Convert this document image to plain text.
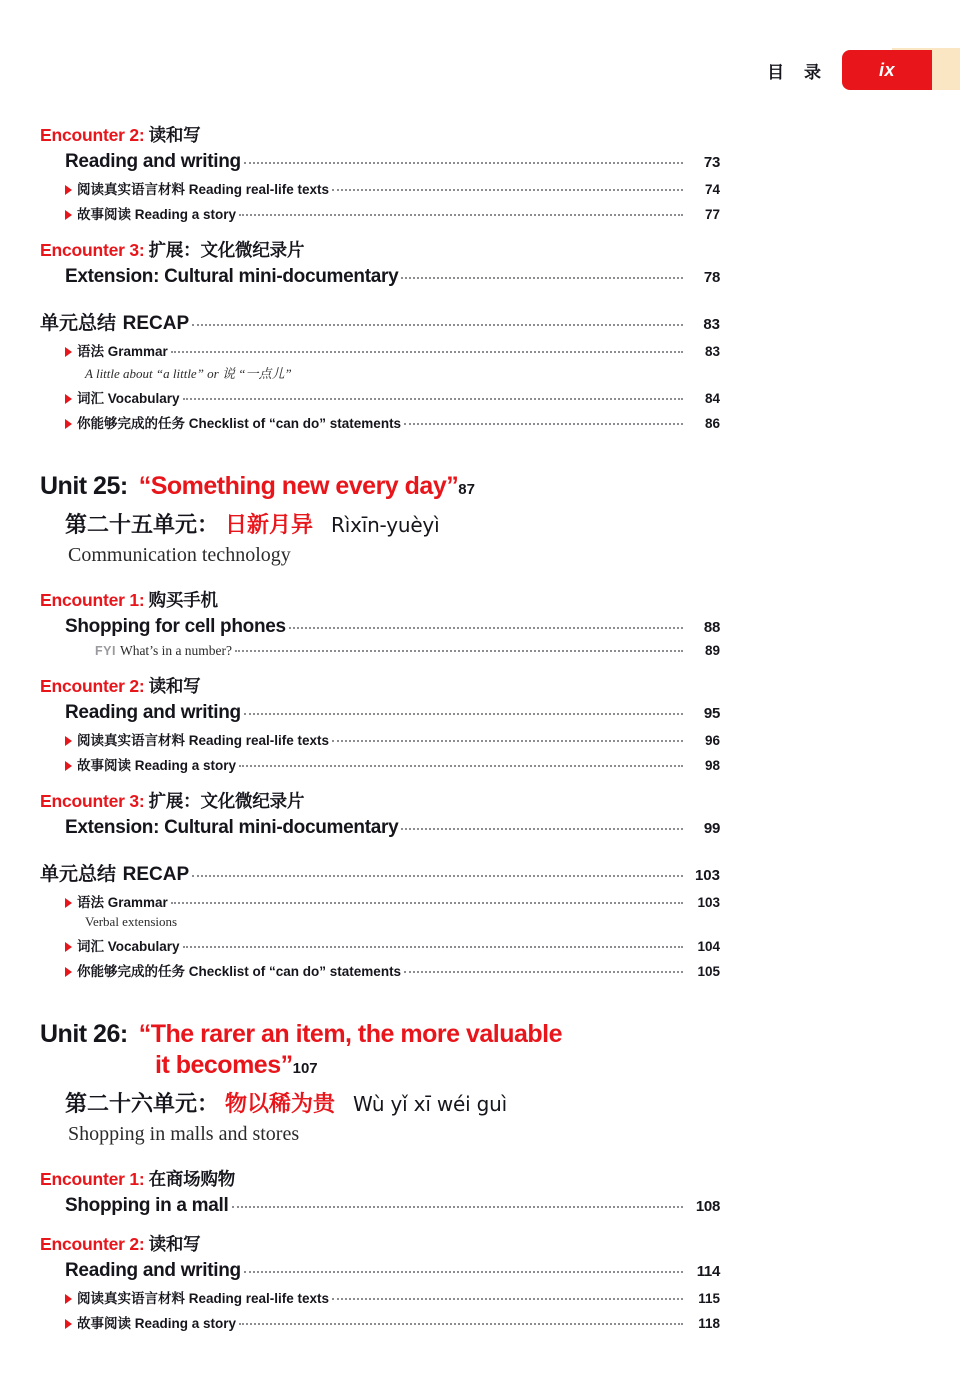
目 录	ix
Encounter 2: 读和写
Reading and writing	73
阅读真实语言材料 Reading real-life texts	74
故事阅读 Reading a story	77
Encounter 3: 扩展：文化微纪录片
Extension: Cultural mini-documentary	78
单元总结 RECAP	83
语法 Grammar	83
A little about “a little” or 说 “一点儿”
词汇 Vocabulary	84
你能够完成的任务 Checklist of “can do” statements	86
Unit 25: “Something new every day” 87
第二十五单元： 日新月异 Rìxīn-yuèyì
Communication technology
Encounter 1: 购买手机
Shopping for cell phones	88
FYI What’s in a number?	89
Encounter 2: 读和写
Reading and writing	95
阅读真实语言材料 Reading real-life texts	96
故事阅读 Reading a story	98
Encounter 3: 扩展：文化微纪录片
Extension: Cultural mini-documentary	99
单元总结 RECAP	103
语法 Grammar	103
Verbal extensions
词汇 Vocabulary	104
你能够完成的任务 Checklist of “can do” statements	105
Unit 26: “The rarer an item, the more valuable
it becomes” 107
第二十六单元： 物以稀为贵 Wù yǐ xī wéi guì
Shopping in malls and stores
Encounter 1: 在商场购物
Shopping in a mall	108
Encounter 2: 读和写
Reading and writing	114
阅读真实语言材料 Reading real-life texts	115
故事阅读 Reading a story	118
